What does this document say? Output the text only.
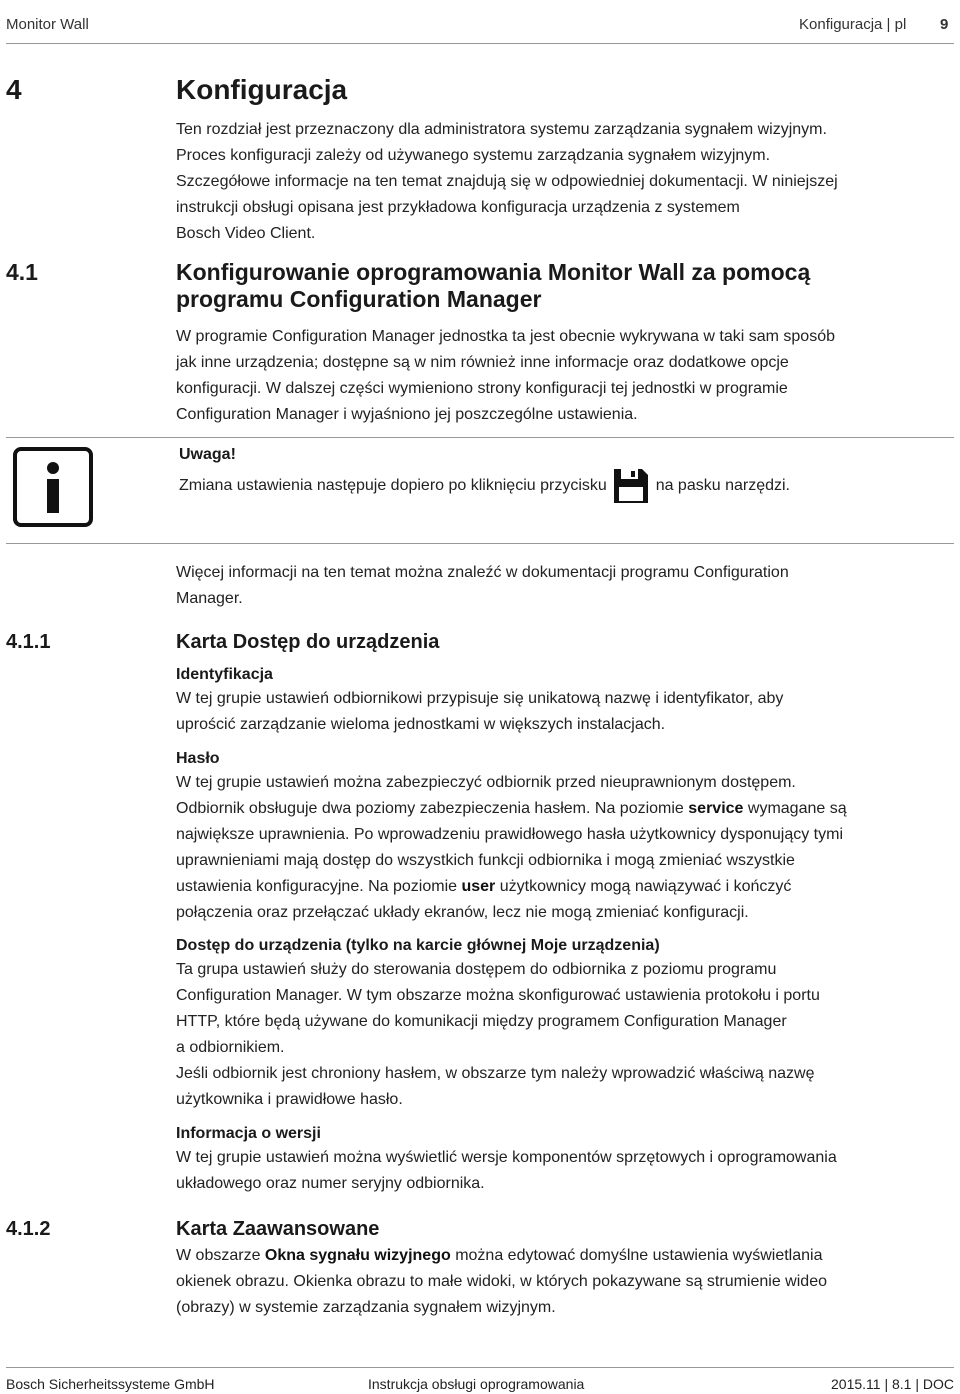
Monitor Wall	Konfiguracja | pl 9
4	Konfiguracja

Ten rozdział jest przeznaczony dla administratora systemu zarządzania sygnałem wizyjnym.

Proces konfiguracji zależy od używanego systemu zarządzania sygnałem wizyjnym.

Szczegółowe informacje na ten temat znajdują się w odpowiedniej dokumentacji. W niniejszej

instrukcji obsługi opisana jest przykładowa konfiguracja urządzenia z systemem

Bosch Video Client.

4.1	Konfigurowanie oprogramowania Monitor Wall za pomocą
programu Configuration Manager

W programie Configuration Manager jednostka ta jest obecnie wykrywana w taki sam sposób

jak inne urządzenia; dostępne są w nim również inne informacje oraz dodatkowe opcje

konfiguracji. W dalszej części wymieniono strony konfiguracji tej jednostki w programie

Configuration Manager i wyjaśniono jej poszczególne ustawienia.

Uwaga!
Zmiana ustawienia następuje dopiero po kliknięciu przycisku	na pasku narzędzi.

Więcej informacji na ten temat można znaleźć w dokumentacji programu Configuration

Manager.

4.1.1	Karta Dostęp do urządzenia
Identyfikacja

W tej grupie ustawień odbiornikowi przypisuje się unikatową nazwę i identyfikator, aby

uprościć zarządzanie wieloma jednostkami w większych instalacjach.

Hasło

W tej grupie ustawień można zabezpieczyć odbiornik przed nieuprawnionym dostępem.

Odbiornik obsługuje dwa poziomy zabezpieczenia hasłem. Na poziomie service wymagane są

największe uprawnienia. Po wprowadzeniu prawidłowego hasła użytkownicy dysponujący tymi

uprawnieniami mają dostęp do wszystkich funkcji odbiornika i mogą zmieniać wszystkie

ustawienia konfiguracyjne. Na poziomie user użytkownicy mogą nawiązywać i kończyć

połączenia oraz przełączać układy ekranów, lecz nie mogą zmieniać konfiguracji.

Dostęp do urządzenia (tylko na karcie głównej Moje urządzenia)

Ta grupa ustawień służy do sterowania dostępem do odbiornika z poziomu programu

Configuration Manager. W tym obszarze można skonfigurować ustawienia protokołu i portu

HTTP, które będą używane do komunikacji między programem Configuration Manager

a odbiornikiem.

Jeśli odbiornik jest chroniony hasłem, w obszarze tym należy wprowadzić właściwą nazwę

użytkownika i prawidłowe hasło.

Informacja o wersji

W tej grupie ustawień można wyświetlić wersje komponentów sprzętowych i oprogramowania

układowego oraz numer seryjny odbiornika.

4.1.2	Karta Zaawansowane

W obszarze Okna sygnału wizyjnego można edytować domyślne ustawienia wyświetlania

okienek obrazu. Okienka obrazu to małe widoki, w których pokazywane są strumienie wideo

(obrazy) w systemie zarządzania sygnałem wizyjnym.

Bosch Sicherheitssysteme GmbH	Instrukcja obsługi oprogramowania	2015.11 | 8.1 | DOC
